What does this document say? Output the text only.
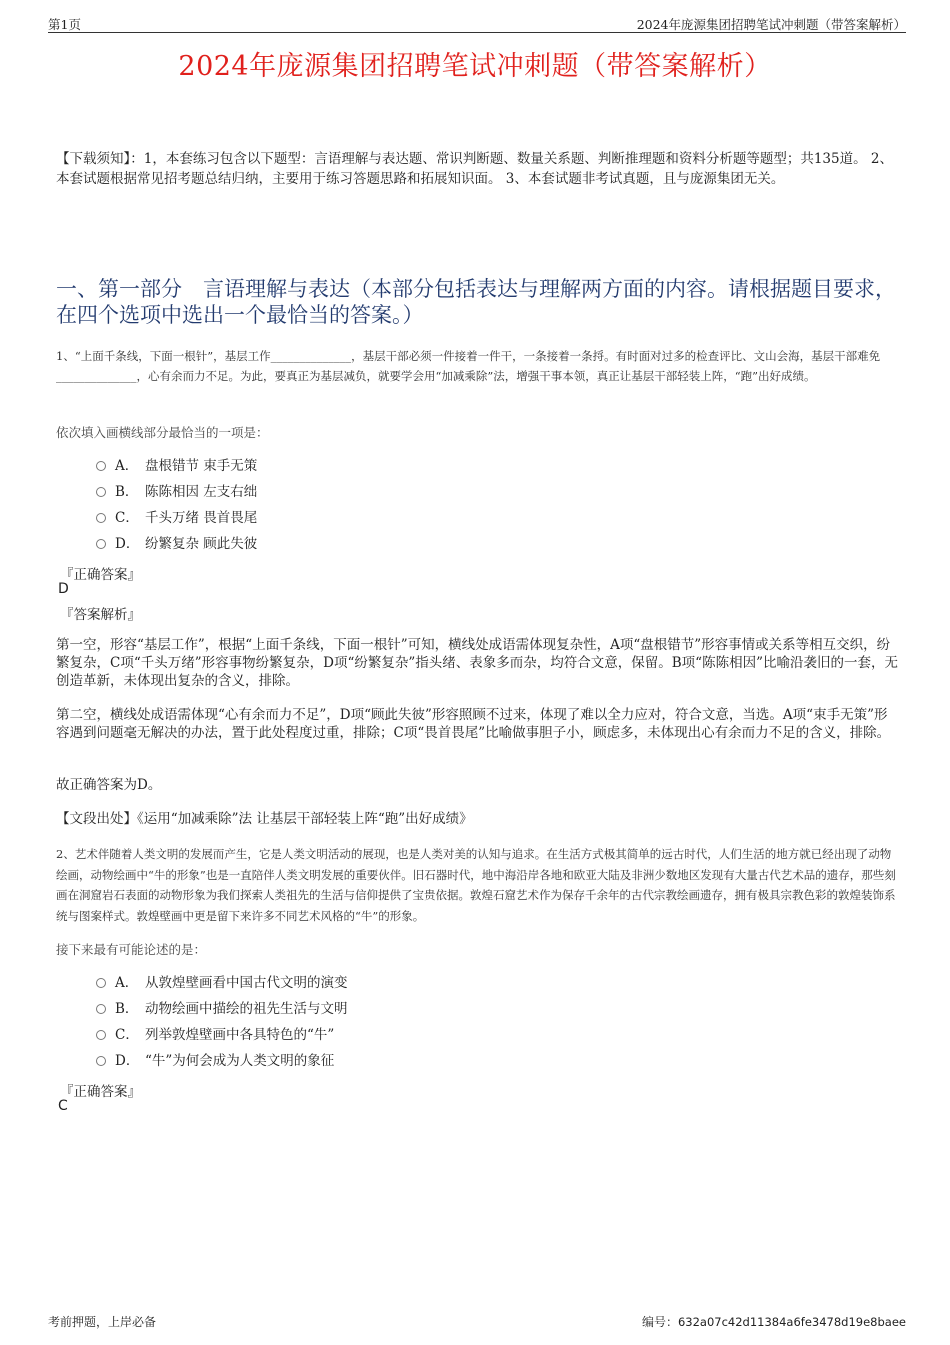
第1页	2024年庞源集团招聘笔试冲刺题（带答案解析）
2024年庞源集团招聘笔试冲刺题（带答案解析）
【下载须知】：1，本套练习包含以下题型：言语理解与表达题、常识判断题、数量关系题、判断推理题和资料分析题等题型；共135道。 2、本套试题根据常见招考题总结归纳，主要用于练习答题思路和拓展知识面。 3、本套试题非考试真题，且与庞源集团无关。
一、第一部分　言语理解与表达（本部分包括表达与理解两方面的内容。请根据题目要求，在四个选项中选出一个最恰当的答案。）
1、“上面千条线，下面一根针”，基层工作______________，基层干部必须一件接着一件干，一条接着一条捋。有时面对过多的检查评比、文山会海，基层干部难免______________，心有余而力不足。为此，要真正为基层减负，就要学会用“加减乘除”法，增强干事本领，真正让基层干部轻装上阵，“跑”出好成绩。
依次填入画横线部分最恰当的一项是：
A． 盘根错节 束手无策
B． 陈陈相因 左支右绌
C． 千头万绪 畏首畏尾
D． 纷繁复杂 顾此失彼
『正确答案』
D
『答案解析』
第一空，形容“基层工作”，根据“上面千条线，下面一根针”可知，横线处成语需体现复杂性，A项“盘根错节”形容事情或关系等相互交织，纷繁复杂，C项“千头万绪”形容事物纷繁复杂，D项“纷繁复杂”指头绪、表象多而杂，均符合文意，保留。B项“陈陈相因”比喻沿袭旧的一套，无创造革新，未体现出复杂的含义，排除。
第二空，横线处成语需体现“心有余而力不足”，D项“顾此失彼”形容照顾不过来，体现了难以全力应对，符合文意，当选。A项“束手无策”形容遇到问题毫无解决的办法，置于此处程度过重，排除；C项“畏首畏尾”比喻做事胆子小，顾虑多，未体现出心有余而力不足的含义，排除。
故正确答案为D。
【文段出处】《运用“加减乘除”法 让基层干部轻装上阵“跑”出好成绩》
2、艺术伴随着人类文明的发展而产生，它是人类文明活动的展现，也是人类对美的认知与追求。在生活方式极其简单的远古时代，人们生活的地方就已经出现了动物绘画，动物绘画中“牛的形象”也是一直陪伴人类文明发展的重要伙伴。旧石器时代，地中海沿岸各地和欧亚大陆及非洲少数地区发现有大量古代艺术品的遗存，那些刻画在洞窟岩石表面的动物形象为我们探索人类祖先的生活与信仰提供了宝贵依据。敦煌石窟艺术作为保存千余年的古代宗教绘画遗存，拥有极具宗教色彩的敦煌装饰系统与图案样式。敦煌壁画中更是留下来许多不同艺术风格的“牛”的形象。
接下来最有可能论述的是：
A． 从敦煌壁画看中国古代文明的演变
B． 动物绘画中描绘的祖先生活与文明
C． 列举敦煌壁画中各具特色的“牛”
D． “牛”为何会成为人类文明的象征
『正确答案』
C
考前押题，上岸必备	编号：632a07c42d11384a6fe3478d19e8baee
